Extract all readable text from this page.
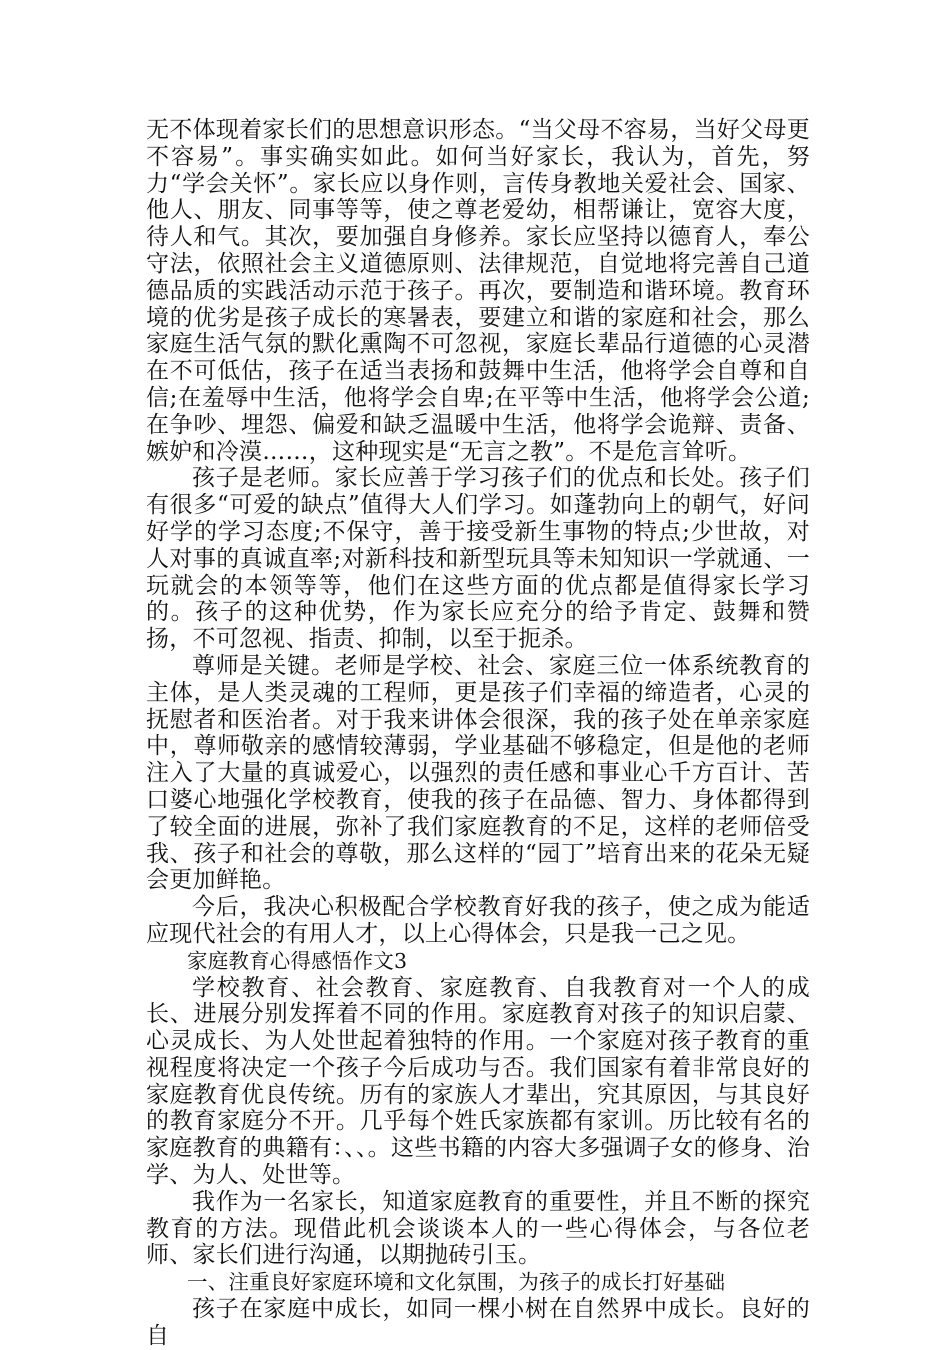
无不体现着家长们的思想意识形态。“当父母不容易，当好父母更不容易”。事实确实如此。如何当好家长，我认为，首先，努力“学会关怀”。家长应以身作则，言传身教地关爱社会、国家、他人、朋友、同事等等，使之尊老爱幼，相帮谦让，宽容大度，待人和气。其次，要加强自身修养。家长应坚持以德育人，奉公守法，依照社会主义道德原则、法律规范，自觉地将完善自己道德品质的实践活动示范于孩子。再次，要制造和谐环境。教育环境的优劣是孩子成长的寒暑表，要建立和谐的家庭和社会，那么家庭生活气氛的默化熏陶不可忽视，家庭长辈品行道德的心灵潜在不可低估，孩子在适当表扬和鼓舞中生活，他将学会自尊和自信;在羞辱中生活，他将学会自卑;在平等中生活，他将学会公道;在争吵、埋怨、偏爱和缺乏温暖中生活，他将学会诡辩、责备、嫉妒和冷漠……，这种现实是“无言之教”。不是危言耸听。

孩子是老师。家长应善于学习孩子们的优点和长处。孩子们有很多“可爱的缺点”值得大人们学习。如蓬勃向上的朝气，好问好学的学习态度;不保守，善于接受新生事物的特点;少世故，对人对事的真诚直率;对新科技和新型玩具等未知知识一学就通、一玩就会的本领等等，他们在这些方面的优点都是值得家长学习的。孩子的这种优势，作为家长应充分的给予肯定、鼓舞和赞扬，不可忽视、指责、抑制，以至于扼杀。

尊师是关键。老师是学校、社会、家庭三位一体系统教育的主体，是人类灵魂的工程师，更是孩子们幸福的缔造者，心灵的抚慰者和医治者。对于我来讲体会很深，我的孩子处在单亲家庭中，尊师敬亲的感情较薄弱，学业基础不够稳定，但是他的老师注入了大量的真诚爱心，以强烈的责任感和事业心千方百计、苦口婆心地强化学校教育，使我的孩子在品德、智力、身体都得到了较全面的进展，弥补了我们家庭教育的不足，这样的老师倍受我、孩子和社会的尊敬，那么这样的“园丁”培育出来的花朵无疑会更加鲜艳。

今后，我决心积极配合学校教育好我的孩子，使之成为能适应现代社会的有用人才，以上心得体会，只是我一己之见。

家庭教育心得感悟作文3

学校教育、社会教育、家庭教育、自我教育对一个人的成长、进展分别发挥着不同的作用。家庭教育对孩子的知识启蒙、心灵成长、为人处世起着独特的作用。一个家庭对孩子教育的重视程度将决定一个孩子今后成功与否。我们国家有着非常良好的家庭教育优良传统。历有的家族人才辈出，究其原因，与其良好的教育家庭分不开。几乎每个姓氏家族都有家训。历比较有名的家庭教育的典籍有：、、。这些书籍的内容大多强调子女的修身、治学、为人、处世等。

我作为一名家长，知道家庭教育的重要性，并且不断的探究教育的方法。现借此机会谈谈本人的一些心得体会，与各位老师、家长们进行沟通，以期抛砖引玉。

一、注重良好家庭环境和文化氛围，为孩子的成长打好基础

孩子在家庭中成长，如同一棵小树在自然界中成长。良好的自
